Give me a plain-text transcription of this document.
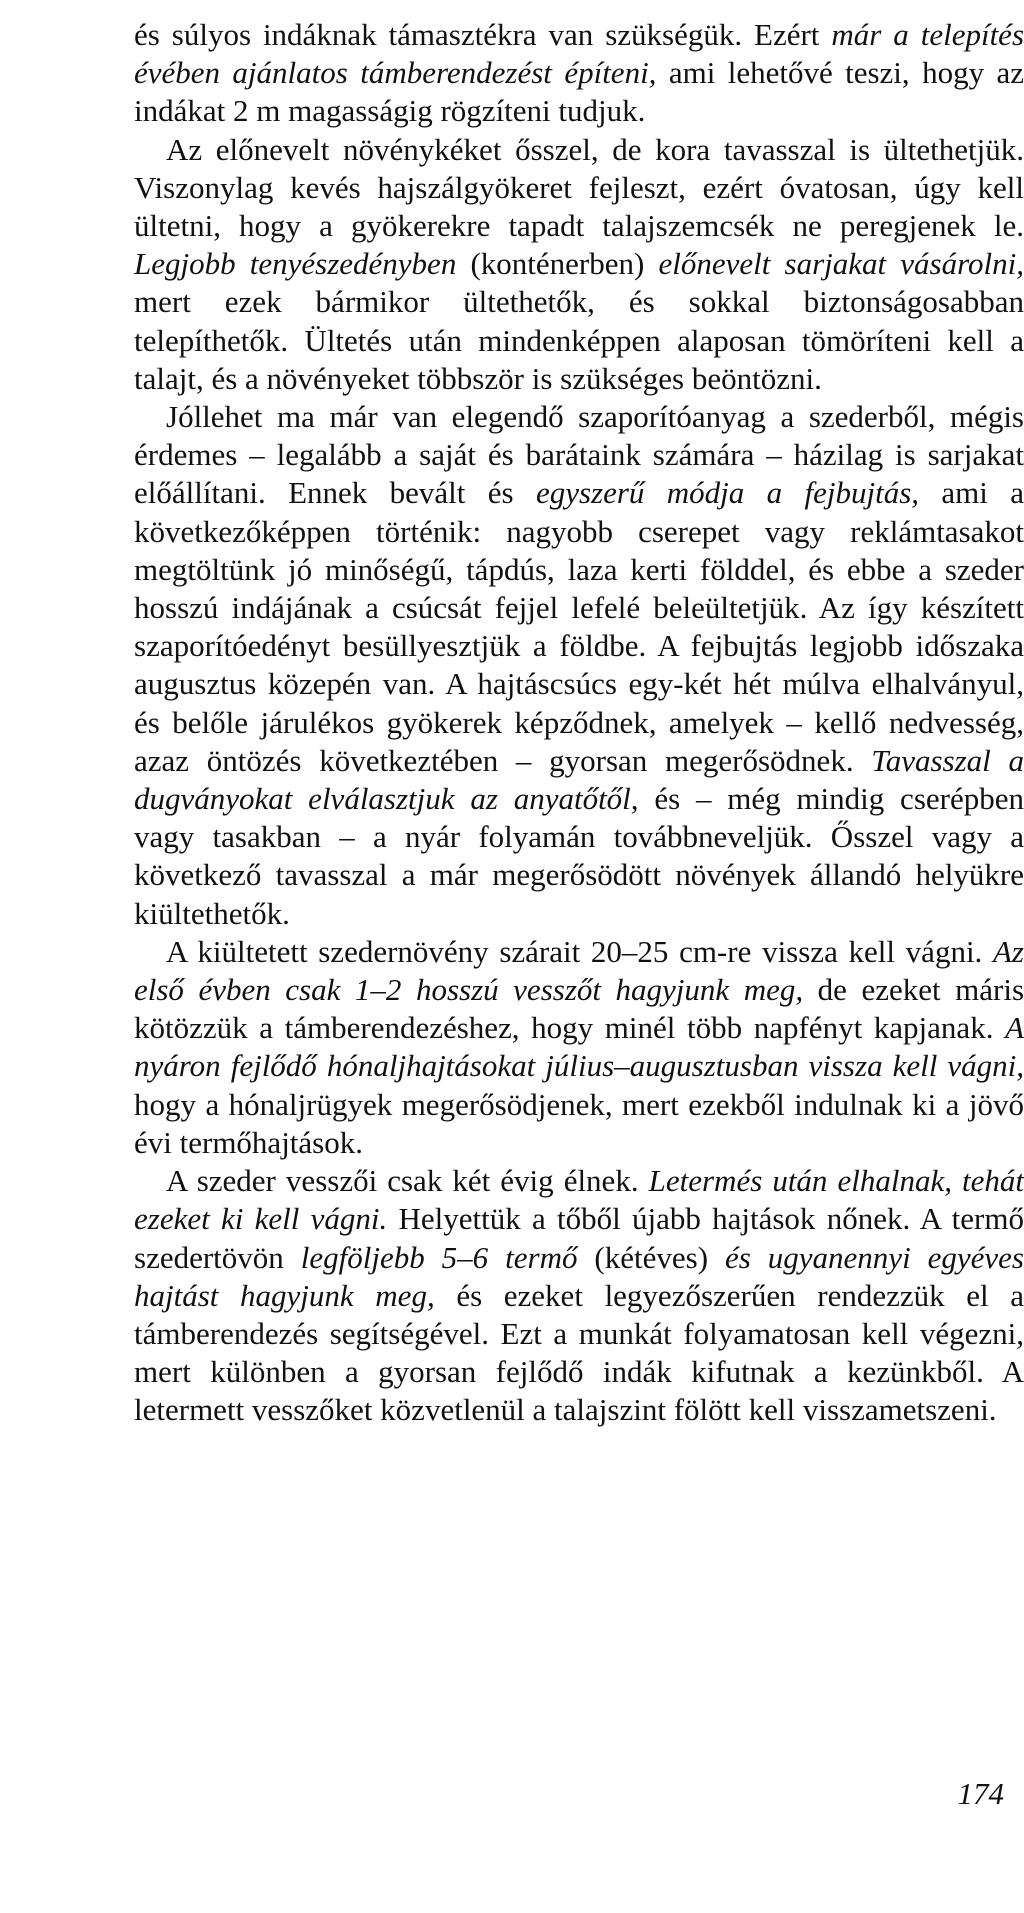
és súlyos indáknak támasztékra van szükségük. Ezért már a telepítés évében ajánlatos támberendezést építeni, ami lehetővé teszi, hogy az indákat 2 m magasságig rögzíteni tudjuk.

Az előnevelt növénykéket ősszel, de kora tavasszal is ültethetjük. Viszonylag kevés hajszálgyökeret fejleszt, ezért óvatosan, úgy kell ültetni, hogy a gyökerekre tapadt talajszemcsék ne peregjenek le. Legjobb tenyészedényben (konténerben) előnevelt sarjakat vásárolni, mert ezek bármikor ültethetők, és sokkal biztonságosabban telepíthetők. Ültetés után mindenképpen alaposan tömöríteni kell a talajt, és a növényeket többször is szükséges beöntözni.

Jóllehet ma már van elegendő szaporítóanyag a szederből, mégis érdemes – legalább a saját és barátaink számára – házilag is sarjakat előállítani. Ennek bevált és egyszerű módja a fejbujtás, ami a következőképpen történik: nagyobb cserepet vagy reklámtasakot megtöltünk jó minőségű, tápdús, laza kerti földdel, és ebbe a szeder hosszú indájának a csúcsát fejjel lefelé beleültetjük. Az így készített szaporítóedényt besüllyesztjük a földbe. A fejbujtás legjobb időszaka augusztus közepén van. A hajtáscsúcs egy-két hét múlva elhalványul, és belőle járulékos gyökerek képződnek, amelyek – kellő nedvesség, azaz öntözés következtében – gyorsan megerősödnek. Tavasszal a dugványokat elválasztjuk az anyatőtől, és – még mindig cserépben vagy tasakban – a nyár folyamán továbbneveljük. Ősszel vagy a következő tavasszal a már megerősödött növények állandó helyükre kiültethetők.

A kiültetett szedernövény szárait 20–25 cm-re vissza kell vágni. Az első évben csak 1–2 hosszú vesszőt hagyjunk meg, de ezeket máris kötözzük a támberendezéshez, hogy minél több napfényt kapjanak. A nyáron fejlődő hónaljhajtásokat július–augusztusban vissza kell vágni, hogy a hónaljrügyek megerősödjenek, mert ezekből indulnak ki a jövő évi termőhajtások.

A szeder vesszői csak két évig élnek. Letermés után elhalnak, tehát ezeket ki kell vágni. Helyettük a tőből újabb hajtások nőnek. A termő szedertövön legföljebb 5–6 termő (kétéves) és ugyanennyi egyéves hajtást hagyjunk meg, és ezeket legyezőszerűen rendezzük el a támberendezés segítségével. Ezt a munkát folyamatosan kell végezni, mert különben a gyorsan fejlődő indák kifutnak a kezünkből. A letermett vesszőket közvetlenül a talajszint fölött kell visszametszeni.

174
